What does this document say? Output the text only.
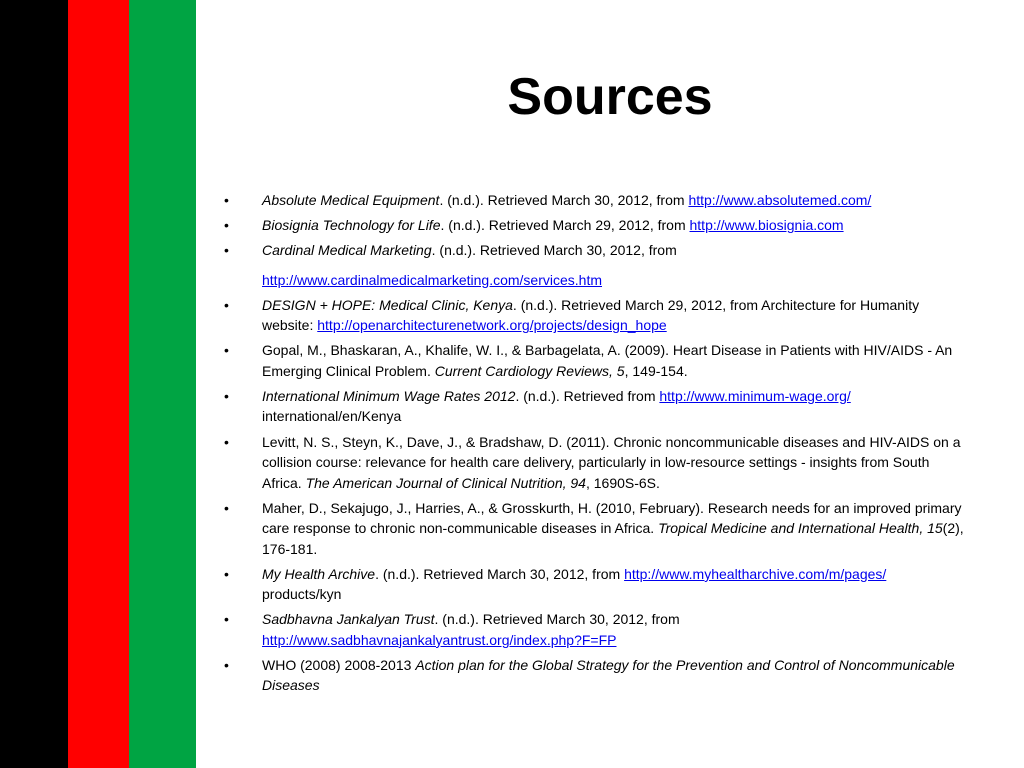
Sources
• Absolute Medical Equipment. (n.d.). Retrieved March 30, 2012, from http://www.absolutemed.com/
• Biosignia Technology for Life. (n.d.). Retrieved March 29, 2012, from http://www.biosignia.com
• Cardinal Medical Marketing. (n.d.). Retrieved March 30, 2012, from
http://www.cardinalmedicalmarketing.com/services.htm
• DESIGN + HOPE: Medical Clinic, Kenya. (n.d.). Retrieved March 29, 2012, from Architecture for Humanity website: http://openarchitecturenetwork.org/projects/design_hope
• Gopal, M., Bhaskaran, A., Khalife, W. I., & Barbagelata, A. (2009). Heart Disease in Patients with HIV/AIDS - An Emerging Clinical Problem. Current Cardiology Reviews, 5, 149-154.
• International Minimum Wage Rates 2012. (n.d.). Retrieved from http://www.minimum-wage.org/ international/en/Kenya
• Levitt, N. S., Steyn, K., Dave, J., & Bradshaw, D. (2011). Chronic noncommunicable diseases and HIV-AIDS on a collision course: relevance for health care delivery, particularly in low-resource settings - insights from South Africa. The American Journal of Clinical Nutrition, 94, 1690S-6S.
• Maher, D., Sekajugo, J., Harries, A., & Grosskurth, H. (2010, February). Research needs for an improved primary care response to chronic non-communicable diseases in Africa. Tropical Medicine and International Health, 15(2), 176-181.
• My Health Archive. (n.d.). Retrieved March 30, 2012, from http://www.myhealtharchive.com/m/pages/ products/kyn
• Sadbhavna Jankalyan Trust. (n.d.). Retrieved March 30, 2012, from http://www.sadbhavnajankalyantrust.org/index.php?F=FP
• WHO (2008) 2008-2013 Action plan for the Global Strategy for the Prevention and Control of Noncommunicable Diseases
